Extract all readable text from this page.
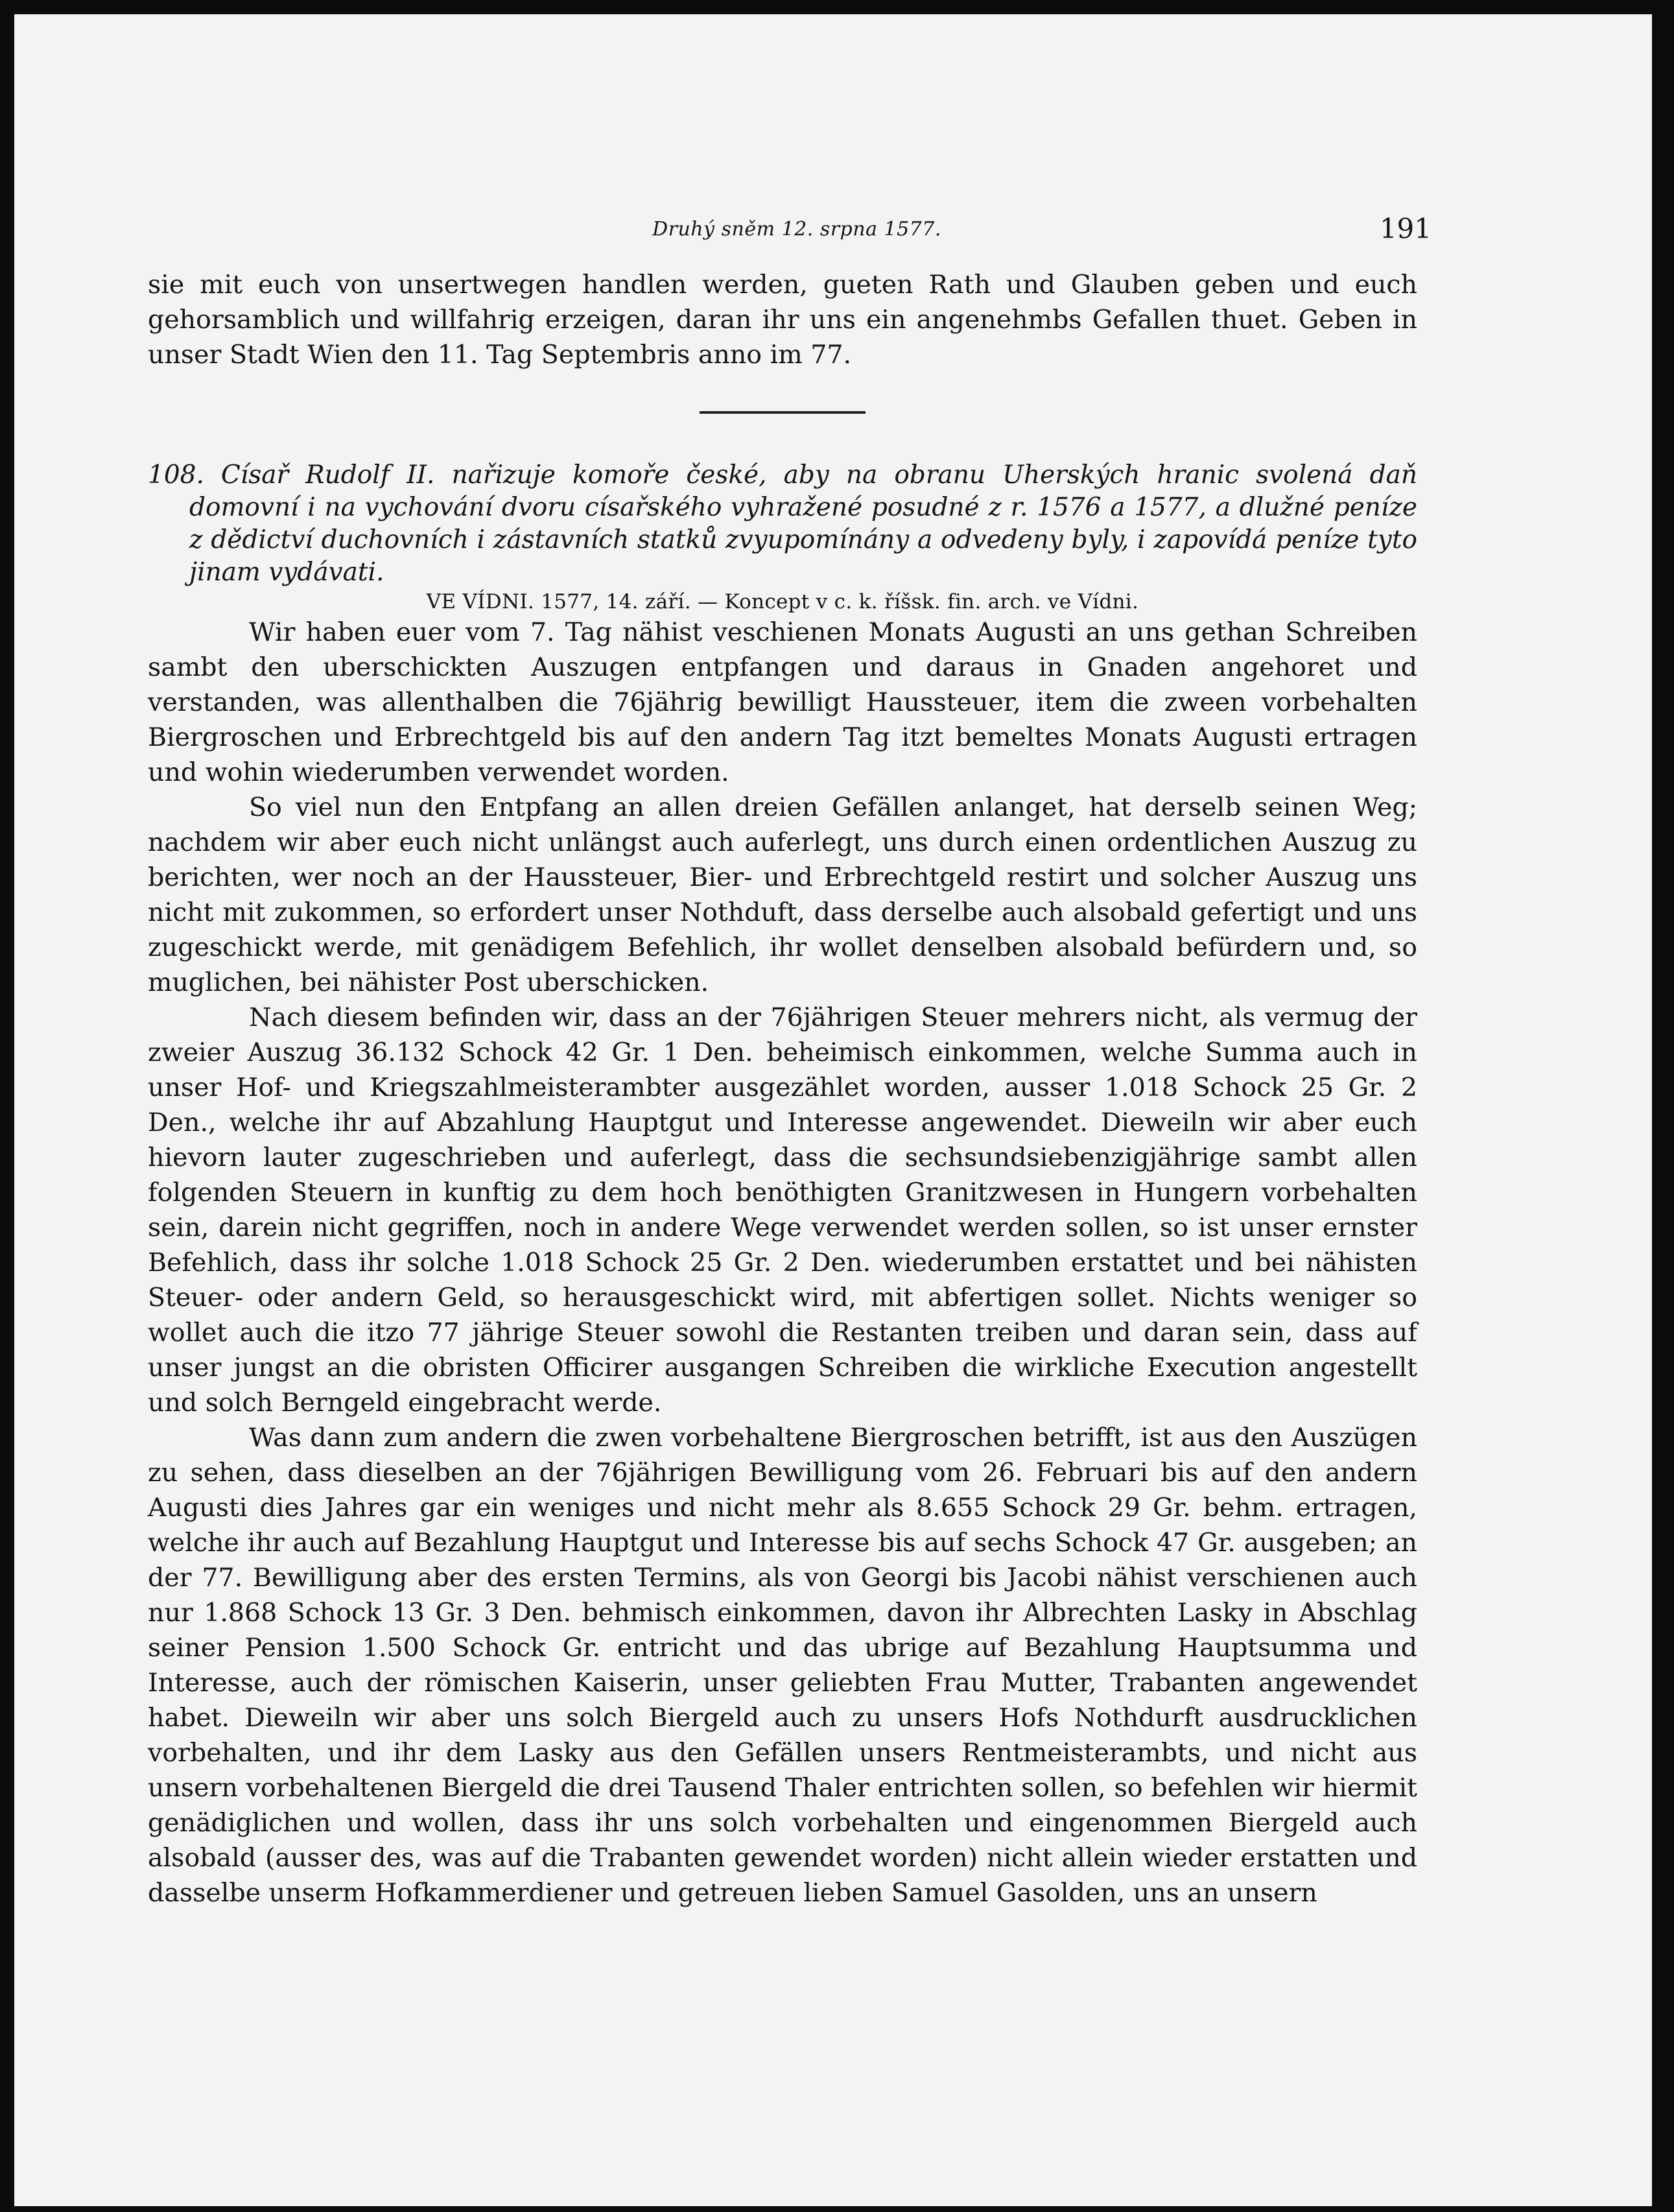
Druhý sněm 12. srpna 1577.	191

sie mit euch von unsertwegen handlen werden, gueten Rath und Glauben geben und euch gehorsamblich und willfahrig erzeigen, daran ihr uns ein angenehmbs Gefallen thuet. Geben in unser Stadt Wien den 11. Tag Septembris anno im 77.

108. Císař Rudolf II. nařizuje komoře české, aby na obranu Uherských hranic svolená daň domovní i na vychování dvoru císařského vyhražené posudné z r. 1576 a 1577, a dlužné peníze z dědictví duchovních i zástavních statků zvyupomínány a odvedeny byly, i zapovídá peníze tyto jinam vydávati.

VE VÍDNI. 1577, 14. září. — Koncept v c. k. říšsk. fin. arch. ve Vídni.

Wir haben euer vom 7. Tag nähist veschienen Monats Augusti an uns gethan Schreiben sambt den uberschickten Auszugen entpfangen und daraus in Gnaden angehoret und verstanden, was allenthalben die 76jährig bewilligt Haussteuer, item die zween vorbehalten Biergroschen und Erbrechtgeld bis auf den andern Tag itzt bemeltes Monats Augusti ertragen und wohin wiederumben verwendet worden.

So viel nun den Entpfang an allen dreien Gefällen anlanget, hat derselb seinen Weg; nachdem wir aber euch nicht unlängst auch auferlegt, uns durch einen ordentlichen Auszug zu berichten, wer noch an der Haussteuer, Bier- und Erbrechtgeld restirt und solcher Auszug uns nicht mit zukommen, so erfordert unser Nothduft, dass derselbe auch alsobald gefertigt und uns zugeschickt werde, mit genädigem Befehlich, ihr wollet denselben alsobald befürdern und, so muglichen, bei nähister Post uberschicken.

Nach diesem befinden wir, dass an der 76jährigen Steuer mehrers nicht, als vermug der zweier Auszug 36.132 Schock 42 Gr. 1 Den. beheimisch einkommen, welche Summa auch in unser Hof- und Kriegszahlmeisterambter ausgezählet worden, ausser 1.018 Schock 25 Gr. 2 Den., welche ihr auf Abzahlung Hauptgut und Interesse angewendet. Dieweiln wir aber euch hievorn lauter zugeschrieben und auferlegt, dass die sechsundsiebenzigjährige sambt allen folgenden Steuern in kunftig zu dem hoch benöthigten Granitzwesen in Hungern vorbehalten sein, darein nicht gegriffen, noch in andere Wege verwendet werden sollen, so ist unser ernster Befehlich, dass ihr solche 1.018 Schock 25 Gr. 2 Den. wiederumben erstattet und bei nähisten Steuer- oder andern Geld, so herausgeschickt wird, mit abfertigen sollet. Nichts weniger so wollet auch die itzo 77 jährige Steuer sowohl die Restanten treiben und daran sein, dass auf unser jungst an die obristen Officirer ausgangen Schreiben die wirkliche Execution angestellt und solch Berngeld eingebracht werde.

Was dann zum andern die zwen vorbehaltene Biergroschen betrifft, ist aus den Auszügen zu sehen, dass dieselben an der 76jährigen Bewilligung vom 26. Februari bis auf den andern Augusti dies Jahres gar ein weniges und nicht mehr als 8.655 Schock 29 Gr. behm. ertragen, welche ihr auch auf Bezahlung Hauptgut und Interesse bis auf sechs Schock 47 Gr. ausgeben; an der 77. Bewilligung aber des ersten Termins, als von Georgi bis Jacobi nähist verschienen auch nur 1.868 Schock 13 Gr. 3 Den. behmisch einkommen, davon ihr Albrechten Lasky in Abschlag seiner Pension 1.500 Schock Gr. entricht und das ubrige auf Bezahlung Hauptsumma und Interesse, auch der römischen Kaiserin, unser geliebten Frau Mutter, Trabanten angewendet habet. Dieweiln wir aber uns solch Biergeld auch zu unsers Hofs Nothdurft ausdrucklichen vorbehalten, und ihr dem Lasky aus den Gefällen unsers Rentmeisterambts, und nicht aus unsern vorbehaltenen Biergeld die drei Tausend Thaler entrichten sollen, so befehlen wir hiermit genädiglichen und wollen, dass ihr uns solch vorbehalten und eingenommen Biergeld auch alsobald (ausser des, was auf die Trabanten gewendet worden) nicht allein wieder erstatten und dasselbe unserm Hofkammerdiener und getreuen lieben Samuel Gasolden, uns an unsern
